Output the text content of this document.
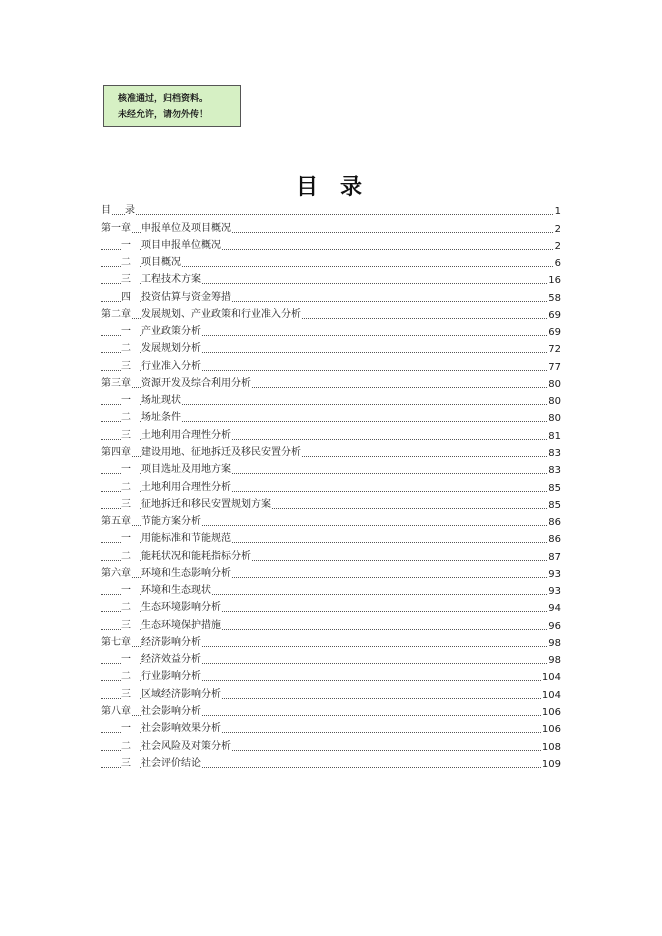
核准通过，归档资料。
未经允许，请勿外传！
目 录
目 录	1
第一章 申报单位及项目概况	2
一	项目申报单位概况	2
二	项目概况	6
三	工程技术方案	16
四	投资估算与资金筹措	58
第二章 发展规划、产业政策和行业准入分析	69
一	产业政策分析	69
二	发展规划分析	72
三	行业准入分析	77
第三章 资源开发及综合利用分析	80
一	场址现状	80
二	场址条件	80
三	土地利用合理性分析	81
第四章 建设用地、征地拆迁及移民安置分析	83
一	项目选址及用地方案	83
二	土地利用合理性分析	85
三	征地拆迁和移民安置规划方案	85
第五章 节能方案分析	86
一	用能标准和节能规范	86
二	能耗状况和能耗指标分析	87
第六章 环境和生态影响分析	93
一	环境和生态现状	93
二	生态环境影响分析	94
三	生态环境保护措施	96
第七章 经济影响分析	98
一	经济效益分析	98
二	行业影响分析	104
三	区域经济影响分析	104
第八章 社会影响分析	106
一	社会影响效果分析	106
二	社会风险及对策分析	108
三	社会评价结论	109
